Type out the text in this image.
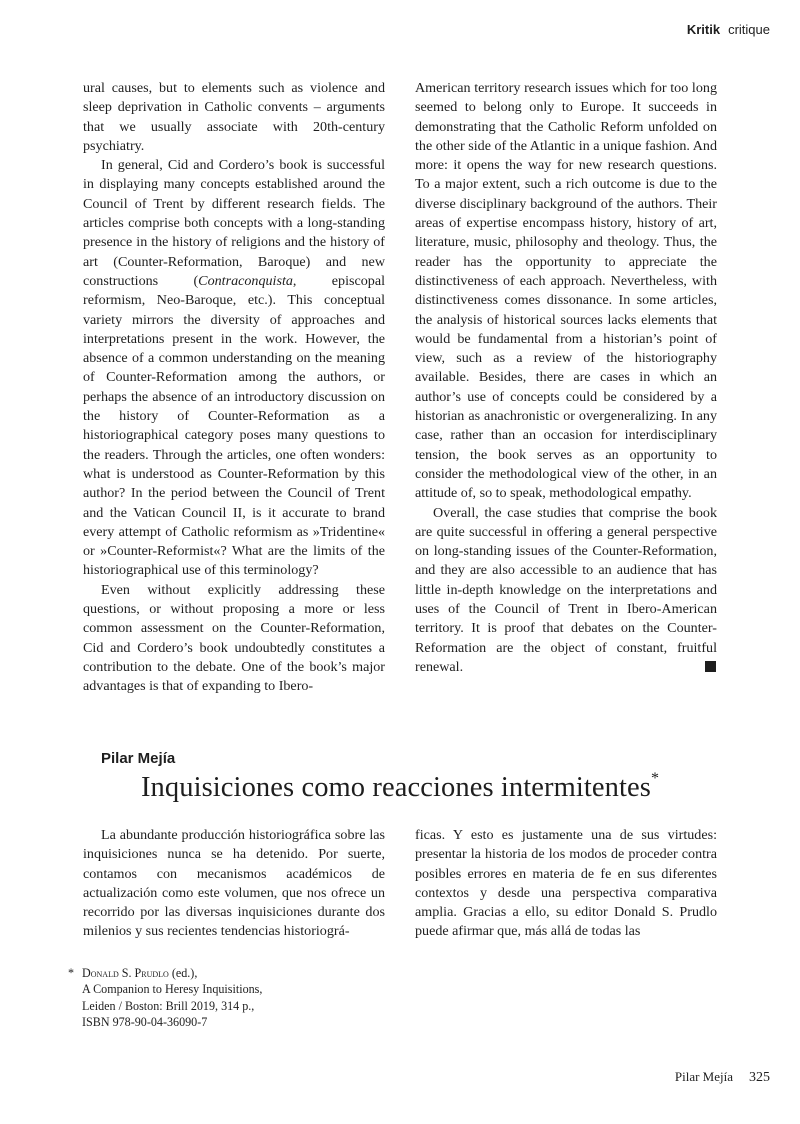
Kritik critique

ural causes, but to elements such as violence and sleep deprivation in Catholic convents – arguments that we usually associate with 20th-century psychiatry.

In general, Cid and Cordero’s book is successful in displaying many concepts established around the Council of Trent by different research fields. The articles comprise both concepts with a long-standing presence in the history of religions and the history of art (Counter-Reformation, Baroque) and new constructions (Contraconquista, episcopal reformism, Neo-Baroque, etc.). This conceptual variety mirrors the diversity of approaches and interpretations present in the work. However, the absence of a common understanding on the meaning of Counter-Reformation among the authors, or perhaps the absence of an introductory discussion on the history of Counter-Reformation as a historiographical category poses many questions to the readers. Through the articles, one often wonders: what is understood as Counter-Reformation by this author? In the period between the Council of Trent and the Vatican Council II, is it accurate to brand every attempt of Catholic reformism as »Tridentine« or »Counter-Reformist«? What are the limits of the historiographical use of this terminology?

Even without explicitly addressing these questions, or without proposing a more or less common assessment on the Counter-Reformation, Cid and Cordero’s book undoubtedly constitutes a contribution to the debate. One of the book’s major advantages is that of expanding to Ibero-

American territory research issues which for too long seemed to belong only to Europe. It succeeds in demonstrating that the Catholic Reform unfolded on the other side of the Atlantic in a unique fashion. And more: it opens the way for new research questions. To a major extent, such a rich outcome is due to the diverse disciplinary background of the authors. Their areas of expertise encompass history, history of art, literature, music, philosophy and theology. Thus, the reader has the opportunity to appreciate the distinctiveness of each approach. Nevertheless, with distinctiveness comes dissonance. In some articles, the analysis of historical sources lacks elements that would be fundamental from a historian’s point of view, such as a review of the historiography available. Besides, there are cases in which an author’s use of concepts could be considered by a historian as anachronistic or overgeneralizing. In any case, rather than an occasion for interdisciplinary tension, the book serves as an opportunity to consider the methodological view of the other, in an attitude of, so to speak, methodological empathy.

Overall, the case studies that comprise the book are quite successful in offering a general perspective on long-standing issues of the Counter-Reformation, and they are also accessible to an audience that has little in-depth knowledge on the interpretations and uses of the Council of Trent in Ibero-American territory. It is proof that debates on the Counter-Reformation are the object of constant, fruitful renewal.

Pilar Mejía
Inquisiciones como reacciones intermitentes*

La abundante producción historiográfica sobre las inquisiciones nunca se ha detenido. Por suerte, contamos con mecanismos académicos de actualización como este volumen, que nos ofrece un recorrido por las diversas inquisiciones durante dos milenios y sus recientes tendencias historiográ-

ficas. Y esto es justamente una de sus virtudes: presentar la historia de los modos de proceder contra posibles errores en materia de fe en sus diferentes contextos y desde una perspectiva comparativa amplia. Gracias a ello, su editor Donald S. Prudlo puede afirmar que, más allá de todas las

* Donald S. Prudlo (ed.),
A Companion to Heresy Inquisitions,
Leiden / Boston: Brill 2019, 314 p.,
ISBN 978-90-04-36090-7
Pilar Mejía 325
